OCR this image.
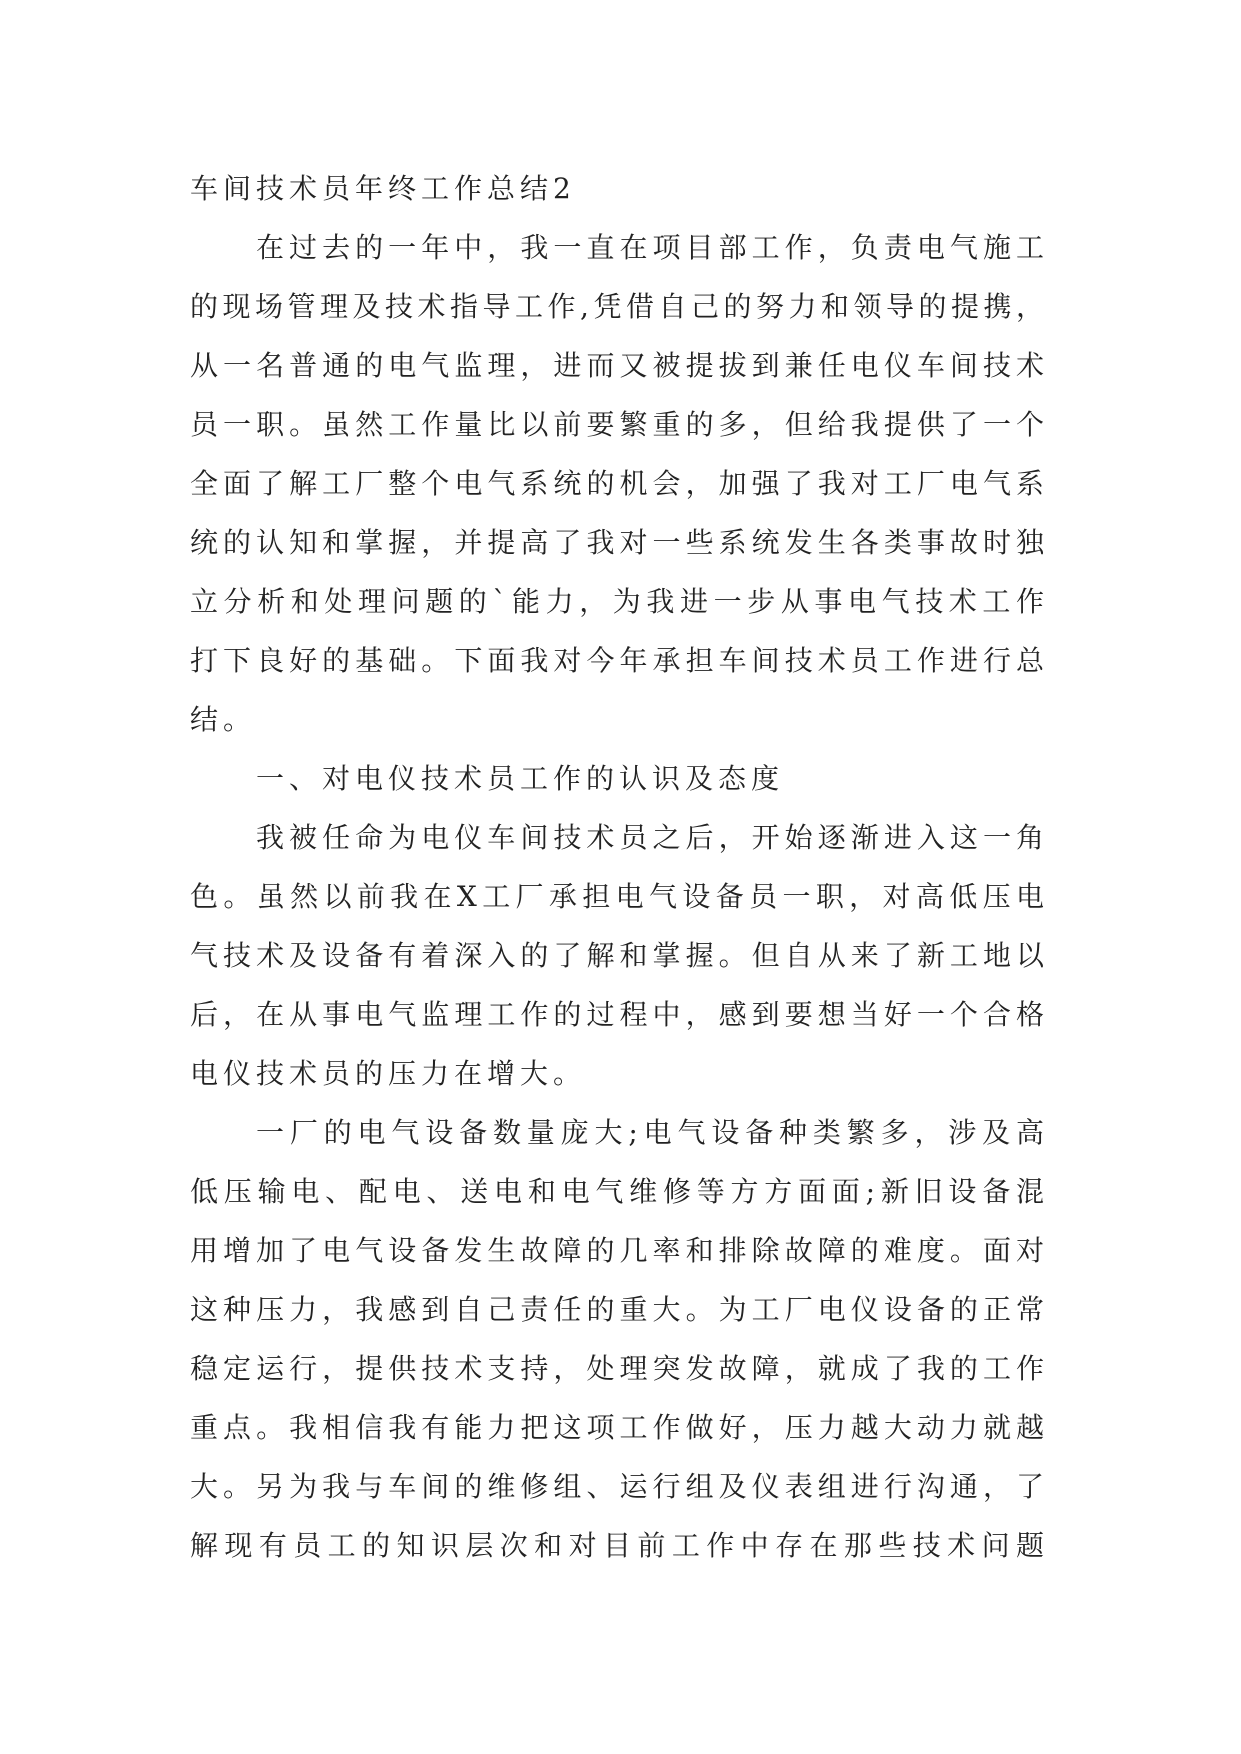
车间技术员年终工作总结2
在过去的一年中，我一直在项目部工作，负责电气施工
的现场管理及技术指导工作,凭借自己的努力和领导的提携，
从一名普通的电气监理，进而又被提拔到兼任电仪车间技术
员一职。虽然工作量比以前要繁重的多，但给我提供了一个
全面了解工厂整个电气系统的机会，加强了我对工厂电气系
统的认知和掌握，并提高了我对一些系统发生各类事故时独
立分析和处理问题的`能力，为我进一步从事电气技术工作
打下良好的基础。下面我对今年承担车间技术员工作进行总
结。
一、对电仪技术员工作的认识及态度
我被任命为电仪车间技术员之后，开始逐渐进入这一角
色。虽然以前我在X工厂承担电气设备员一职，对高低压电
气技术及设备有着深入的了解和掌握。但自从来了新工地以
后，在从事电气监理工作的过程中，感到要想当好一个合格
电仪技术员的压力在增大。
一厂的电气设备数量庞大;电气设备种类繁多，涉及高
低压输电、配电、送电和电气维修等方方面面;新旧设备混
用增加了电气设备发生故障的几率和排除故障的难度。面对
这种压力，我感到自己责任的重大。为工厂电仪设备的正常
稳定运行，提供技术支持，处理突发故障，就成了我的工作
重点。我相信我有能力把这项工作做好，压力越大动力就越
大。另为我与车间的维修组、运行组及仪表组进行沟通，了
解现有员工的知识层次和对目前工作中存在那些技术问题
